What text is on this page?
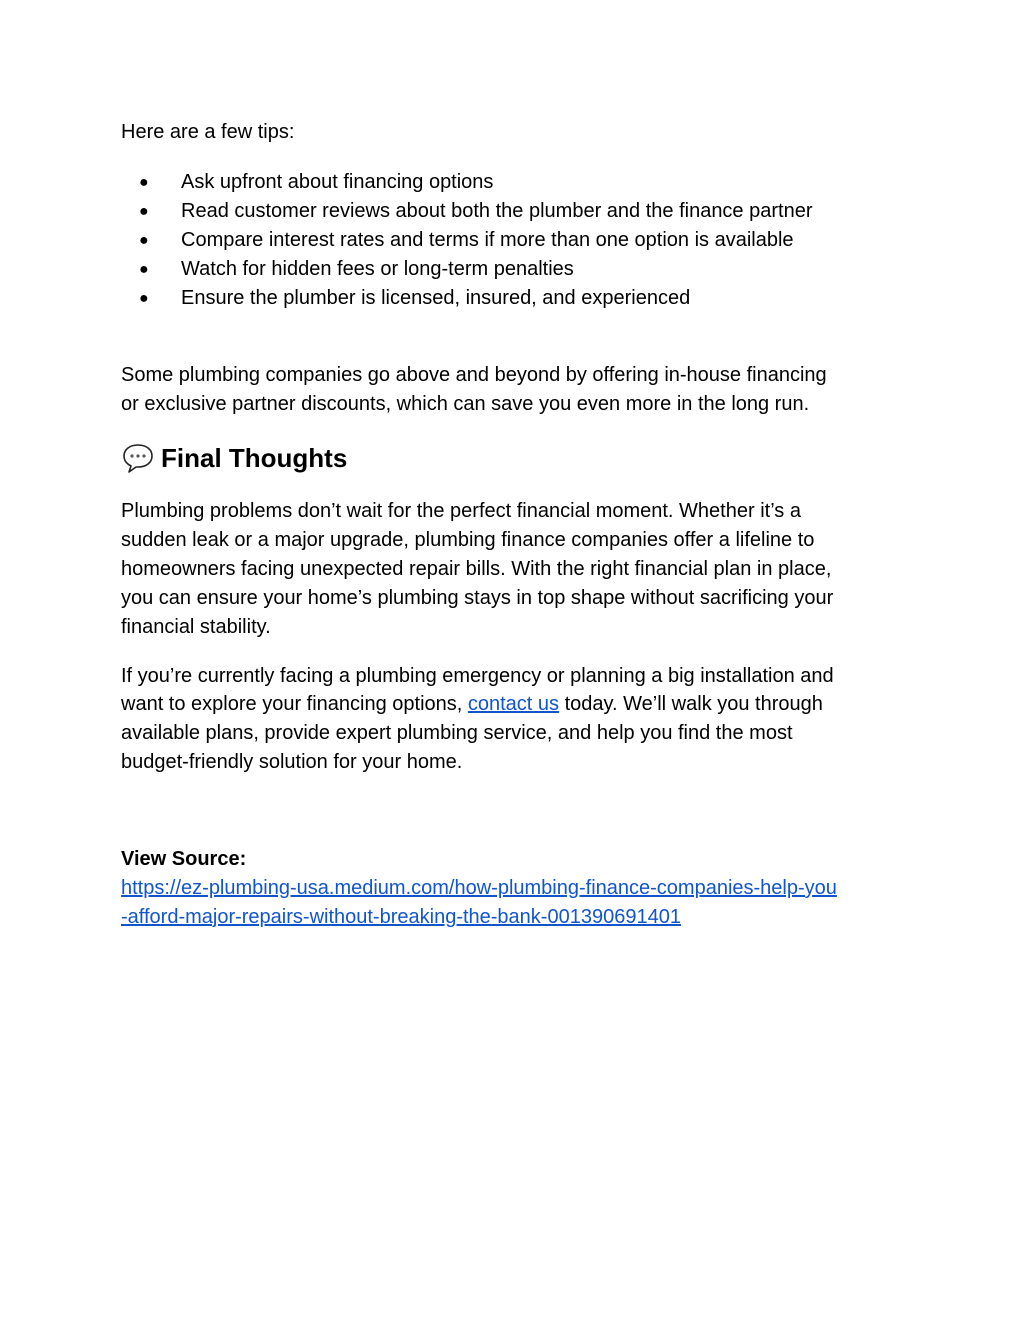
Here are a few tips:
● Ask upfront about financing options
● Read customer reviews about both the plumber and the finance partner
● Compare interest rates and terms if more than one option is available
● Watch for hidden fees or long-term penalties
● Ensure the plumber is licensed, insured, and experienced
Some plumbing companies go above and beyond by offering in-house financing
or exclusive partner discounts, which can save you even more in the long run.
Final Thoughts
Plumbing problems don’t wait for the perfect financial moment. Whether it’s a
sudden leak or a major upgrade, plumbing finance companies offer a lifeline to
homeowners facing unexpected repair bills. With the right financial plan in place,
you can ensure your home’s plumbing stays in top shape without sacrificing your
financial stability.
If you’re currently facing a plumbing emergency or planning a big installation and
want to explore your financing options, contact us today. We’ll walk you through
available plans, provide expert plumbing service, and help you find the most
budget-friendly solution for your home.
View Source:
https://ez-plumbing-usa.medium.com/how-plumbing-finance-companies-help-you
-afford-major-repairs-without-breaking-the-bank-001390691401
